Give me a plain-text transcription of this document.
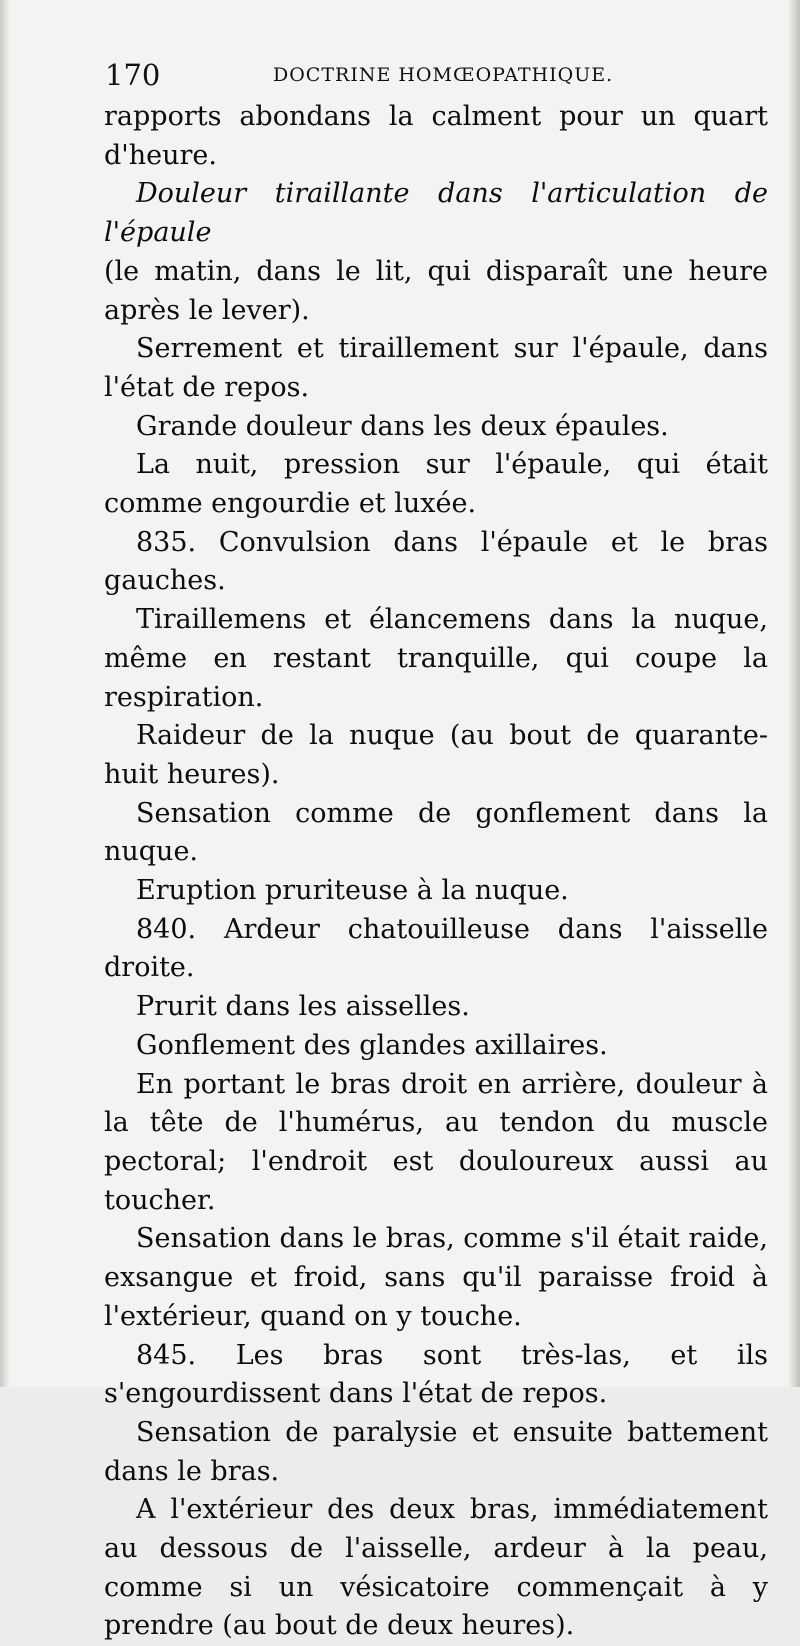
170	DOCTRINE HOMŒOPATHIQUE.

rapports abondans la calment pour un quart d'heure.

Douleur tiraillante dans l'articulation de l'épaule

(le matin, dans le lit, qui disparaît une heure après le lever).

Serrement et tiraillement sur l'épaule, dans l'état de repos.

Grande douleur dans les deux épaules.

La nuit, pression sur l'épaule, qui était comme engourdie et luxée.

835. Convulsion dans l'épaule et le bras gauches.

Tiraillemens et élancemens dans la nuque, même en restant tranquille, qui coupe la respiration.

Raideur de la nuque (au bout de quarante-huit heures).

Sensation comme de gonflement dans la nuque.

Eruption pruriteuse à la nuque.

840. Ardeur chatouilleuse dans l'aisselle droite.

Prurit dans les aisselles.

Gonflement des glandes axillaires.

En portant le bras droit en arrière, douleur à la tête de l'humérus, au tendon du muscle pectoral; l'endroit est douloureux aussi au toucher.

Sensation dans le bras, comme s'il était raide, exsangue et froid, sans qu'il paraisse froid à l'extérieur, quand on y touche.

845. Les bras sont très-las, et ils s'engourdissent dans l'état de repos.

Sensation de paralysie et ensuite battement dans le bras.

A l'extérieur des deux bras, immédiatement au dessous de l'aisselle, ardeur à la peau, comme si un vésicatoire commençait à y prendre (au bout de deux heures).
